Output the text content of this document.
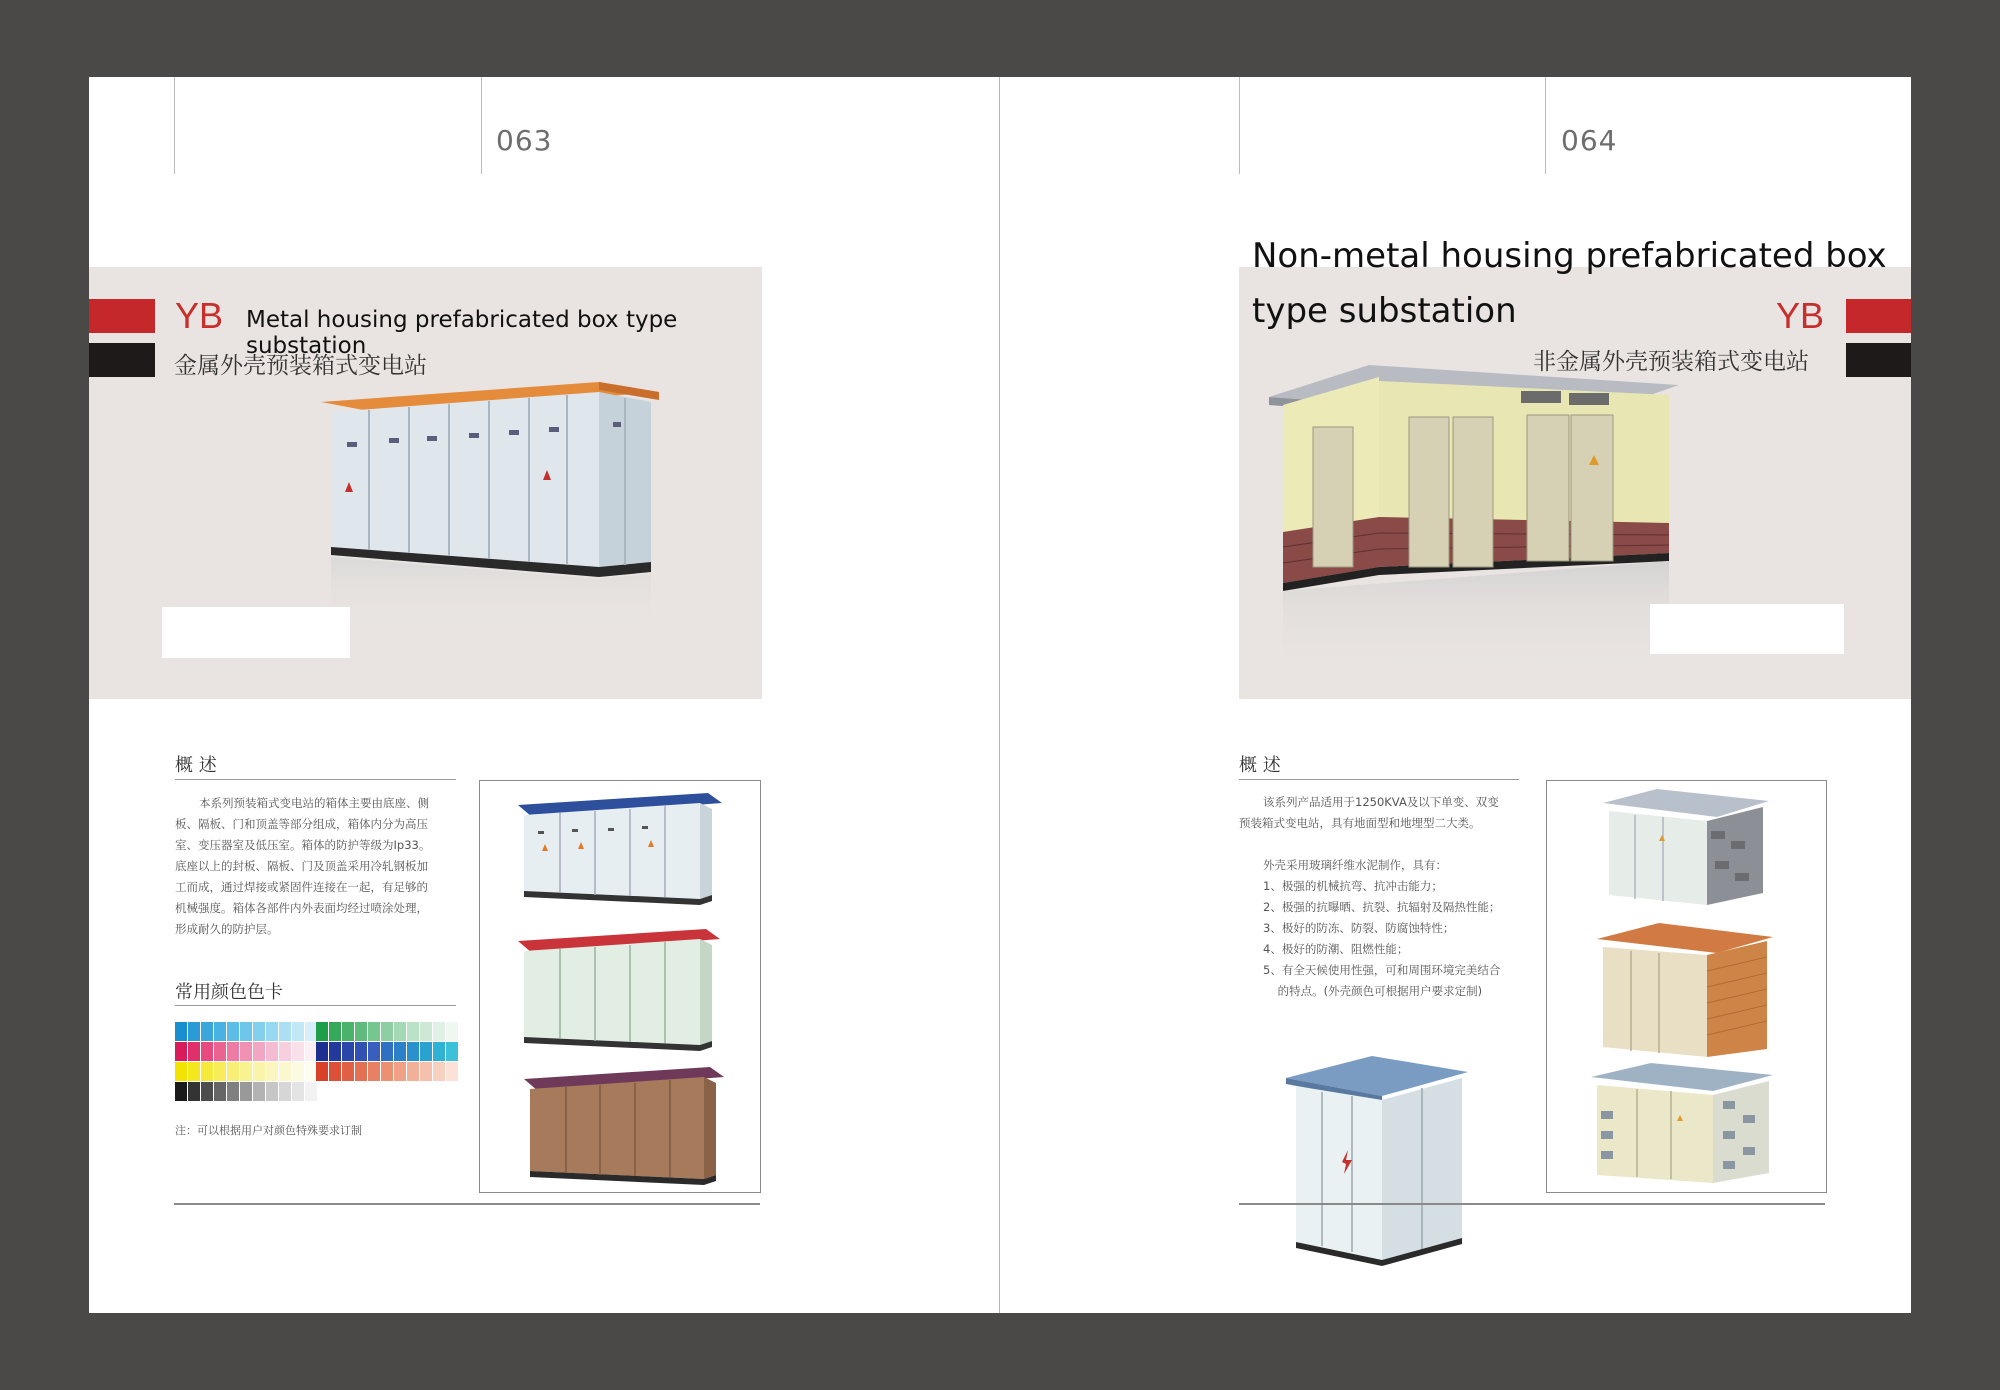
063
YB Metal housing prefabricated box type substation
金属外壳预装箱式变电站
概 述
本系列预装箱式变电站的箱体主要由底座、侧
板、隔板、门和顶盖等部分组成，箱体内分为高压
室、变压器室及低压室。箱体的防护等级为Ip33。
底座以上的封板、隔板、门及顶盖采用冷轧钢板加
工而成，通过焊接或紧固件连接在一起，有足够的
机械强度。箱体各部件内外表面均经过喷涂处理，
形成耐久的防护层。
常用颜色色卡
注：可以根据用户对颜色特殊要求订制
064
YB
非金属外壳预装箱式变电站
Non-metal housing prefabricated box
type substation
概 述
该系列产品适用于1250KVA及以下单变、双变
预装箱式变电站，具有地面型和地埋型二大类。
外壳采用玻璃纤维水泥制作，具有：
1、极强的机械抗弯、抗冲击能力；
2、极强的抗曝晒、抗裂、抗辐射及隔热性能；
3、极好的防冻、防裂、防腐蚀特性；
4、极好的防潮、阻燃性能；
5、有全天候使用性强，可和周围环境完美结合
的特点。(外壳颜色可根据用户要求定制)
